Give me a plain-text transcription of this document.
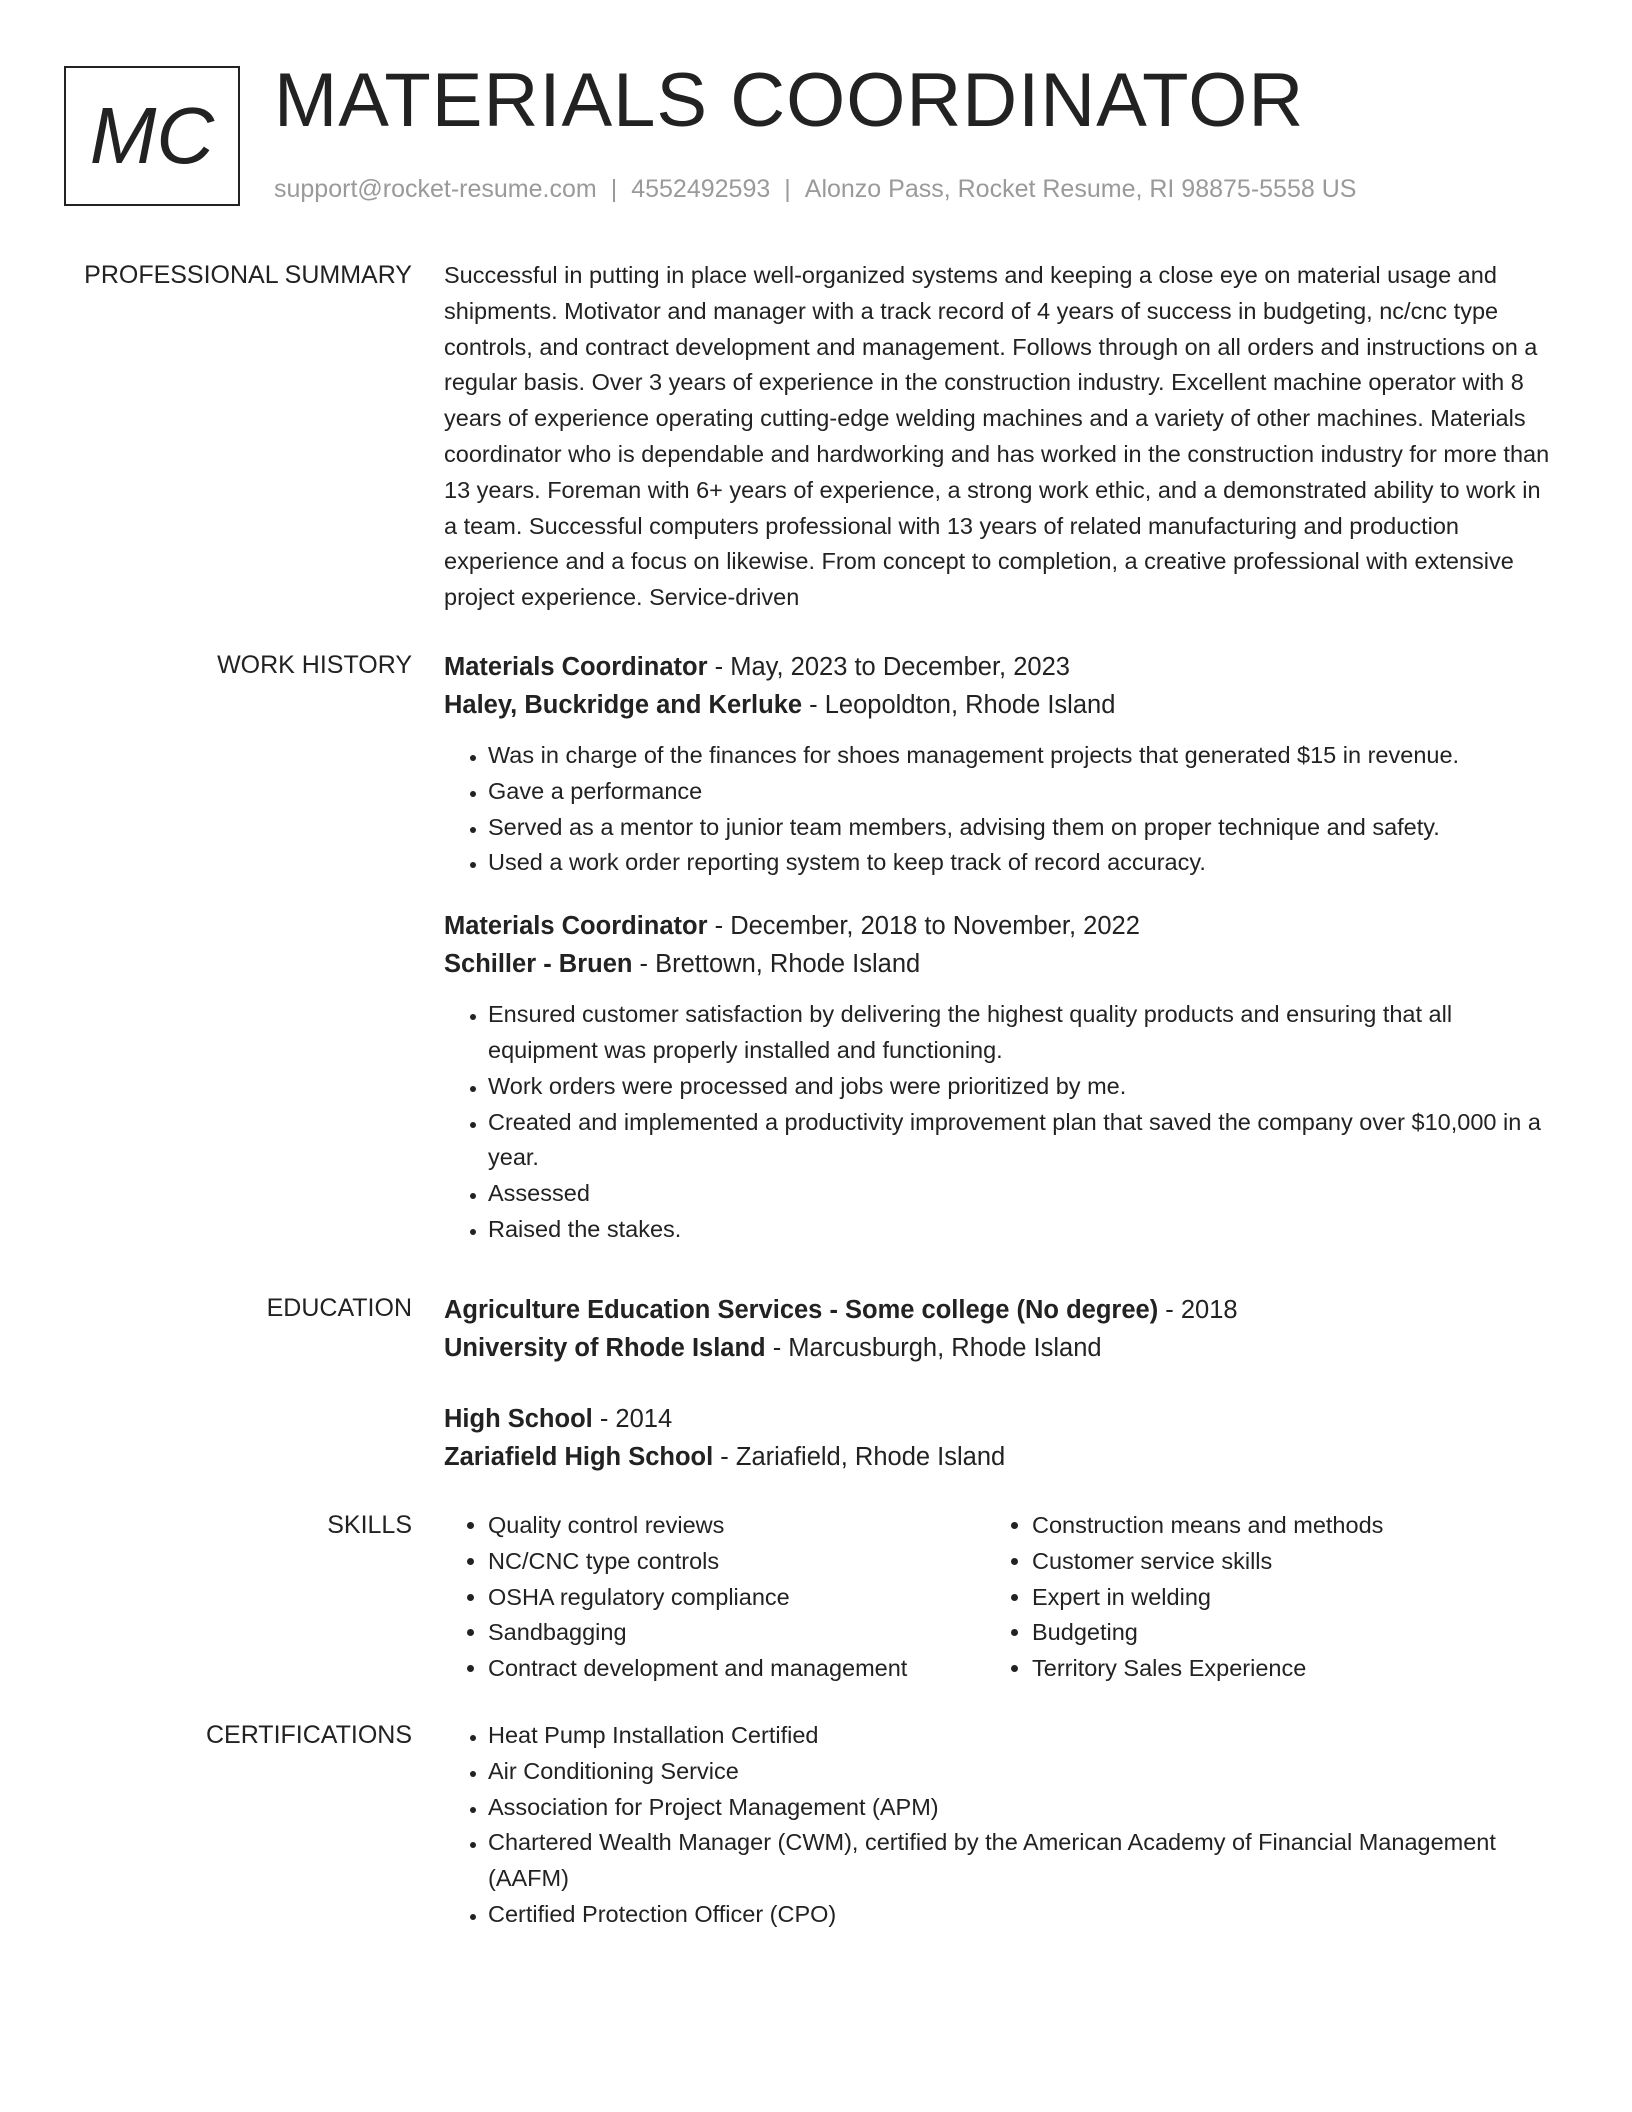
MC MATERIALS COORDINATOR
support@rocket-resume.com | 4552492593 | Alonzo Pass, Rocket Resume, RI 98875-5558 US
PROFESSIONAL SUMMARY Successful in putting in place well-organized systems and keeping a close eye on material usage and shipments. Motivator and manager with a track record of 4 years of success in budgeting, nc/cnc type controls, and contract development and management. Follows through on all orders and instructions on a regular basis. Over 3 years of experience in the construction industry. Excellent machine operator with 8 years of experience operating cutting-edge welding machines and a variety of other machines. Materials coordinator who is dependable and hardworking and has worked in the construction industry for more than 13 years. Foreman with 6+ years of experience, a strong work ethic, and a demonstrated ability to work in a team. Successful computers professional with 13 years of related manufacturing and production experience and a focus on likewise. From concept to completion, a creative professional with extensive project experience. Service-driven
WORK HISTORY Materials Coordinator - May, 2023 to December, 2023
Haley, Buckridge and Kerluke - Leopoldton, Rhode Island
• Was in charge of the finances for shoes management projects that generated $15 in revenue.
• Gave a performance
• Served as a mentor to junior team members, advising them on proper technique and safety.
• Used a work order reporting system to keep track of record accuracy.
Materials Coordinator - December, 2018 to November, 2022
Schiller - Bruen - Brettown, Rhode Island
• Ensured customer satisfaction by delivering the highest quality products and ensuring that all equipment was properly installed and functioning.
• Work orders were processed and jobs were prioritized by me.
• Created and implemented a productivity improvement plan that saved the company over $10,000 in a year.
• Assessed
• Raised the stakes.
EDUCATION Agriculture Education Services - Some college (No degree) - 2018
University of Rhode Island - Marcusburgh, Rhode Island
High School - 2014
Zariafield High School - Zariafield, Rhode Island
SKILLS	• Quality control reviews
• NC/CNC type controls
• OSHA regulatory compliance
• Sandbagging
• Contract development and management
• Construction means and methods
• Customer service skills
• Expert in welding
• Budgeting
• Territory Sales Experience
CERTIFICATIONS	• Heat Pump Installation Certified
• Air Conditioning Service
• Association for Project Management (APM)
• Chartered Wealth Manager (CWM), certified by the American Academy of Financial Management (AAFM)
• Certified Protection Officer (CPO)
